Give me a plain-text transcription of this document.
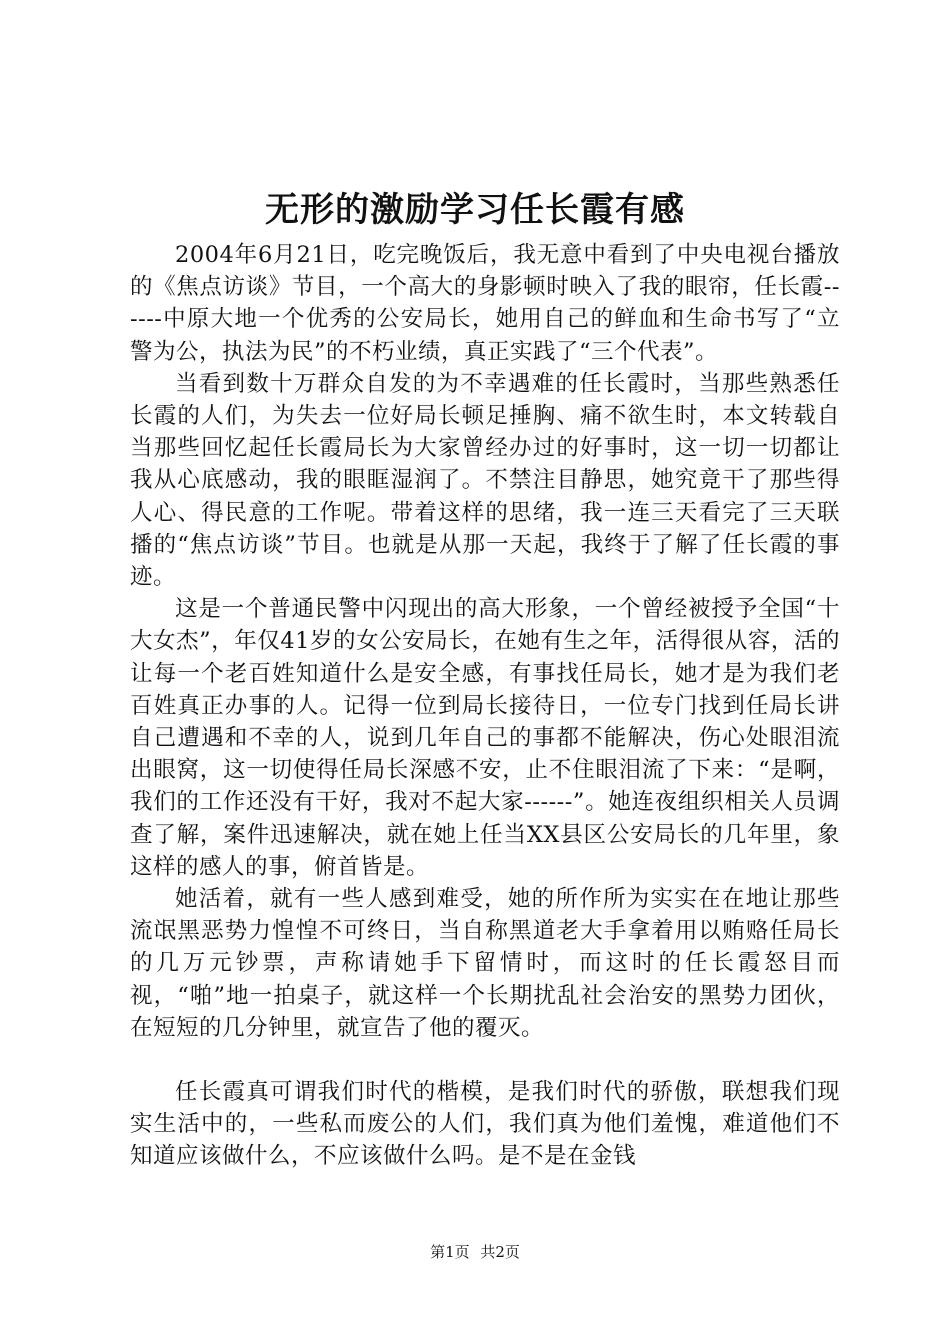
无形的激励学习任长霞有感

2004年6月21日，吃完晚饭后，我无意中看到了中央电视台播放的《焦点访谈》节目，一个高大的身影顿时映入了我的眼帘，任长霞------中原大地一个优秀的公安局长，她用自己的鲜血和生命书写了“立警为公，执法为民”的不朽业绩，真正实践了“三个代表”。

当看到数十万群众自发的为不幸遇难的任长霞时，当那些熟悉任长霞的人们，为失去一位好局长顿足捶胸、痛不欲生时，本文转载自当那些回忆起任长霞局长为大家曾经办过的好事时，这一切一切都让我从心底感动，我的眼眶湿润了。不禁注目静思，她究竟干了那些得人心、得民意的工作呢。带着这样的思绪，我一连三天看完了三天联播的“焦点访谈”节目。也就是从那一天起，我终于了解了任长霞的事迹。

这是一个普通民警中闪现出的高大形象，一个曾经被授予全国“十大女杰”，年仅41岁的女公安局长，在她有生之年，活得很从容，活的让每一个老百姓知道什么是安全感，有事找任局长，她才是为我们老百姓真正办事的人。记得一位到局长接待日，一位专门找到任局长讲自己遭遇和不幸的人，说到几年自己的事都不能解决，伤心处眼泪流出眼窝，这一切使得任局长深感不安，止不住眼泪流了下来：“是啊，我们的工作还没有干好，我对不起大家------”。她连夜组织相关人员调查了解，案件迅速解决，就在她上任当XX县区公安局长的几年里，象这样的感人的事，俯首皆是。

她活着，就有一些人感到难受，她的所作所为实实在在地让那些流氓黑恶势力惶惶不可终日，当自称黑道老大手拿着用以贿赂任局长的几万元钞票，声称请她手下留情时，而这时的任长霞怒目而视，“啪”地一拍桌子，就这样一个长期扰乱社会治安的黑势力团伙，在短短的几分钟里，就宣告了他的覆灭。

任长霞真可谓我们时代的楷模，是我们时代的骄傲，联想我们现实生活中的，一些私而废公的人们，我们真为他们羞愧，难道他们不知道应该做什么，不应该做什么吗。是不是在金钱

第1页 共2页
